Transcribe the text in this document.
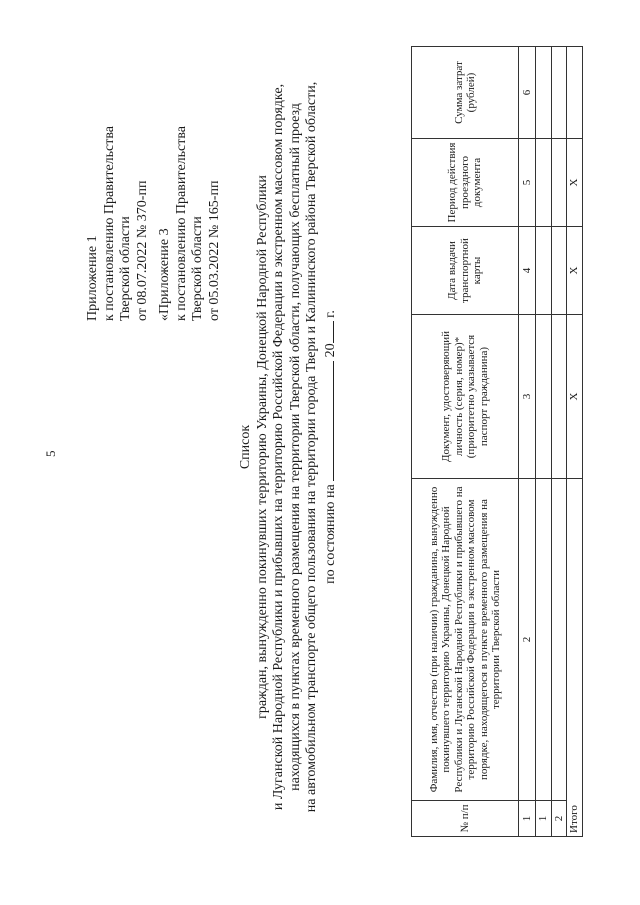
5
Приложение 1 к постановлению Правительства Тверской области от 08.07.2022 № 370-пп «Приложение 3 к постановлению Правительства Тверской области от 05.03.2022 № 165-пп
Список граждан, вынужденно покинувших территорию Украины, Донецкой Народной Республики и Луганской Народной Республики и прибывших на территорию Российской Федерации в экстренном массовом порядке, находящихся в пунктах временного размещения на территории Тверской области, получающих бесплатный проезд на автомобильном транспорте общего пользования на территории города Твери и Калининского района Тверской области, по состоянию на  20 г.
№ п/п	Фамилия, имя, отчество (при наличии) гражданина, вынужденно покинувшего территорию Украины, Донецкой Народной Республики и Луганской Народной Республики и прибывшего на территорию Российской Федерации в экстренном массовом порядке, находящегося в пункте временного размещения на территории Тверской области	Документ, удостоверяющий личность (серия, номер)* (приоритетно указывается паспорт гражданина)	Дата выдачи транспортной карты	Период действия проездного документа	Сумма затрат (рублей)
1	2	3	4	5	6
1					
2					
Итого		X	X	X	
